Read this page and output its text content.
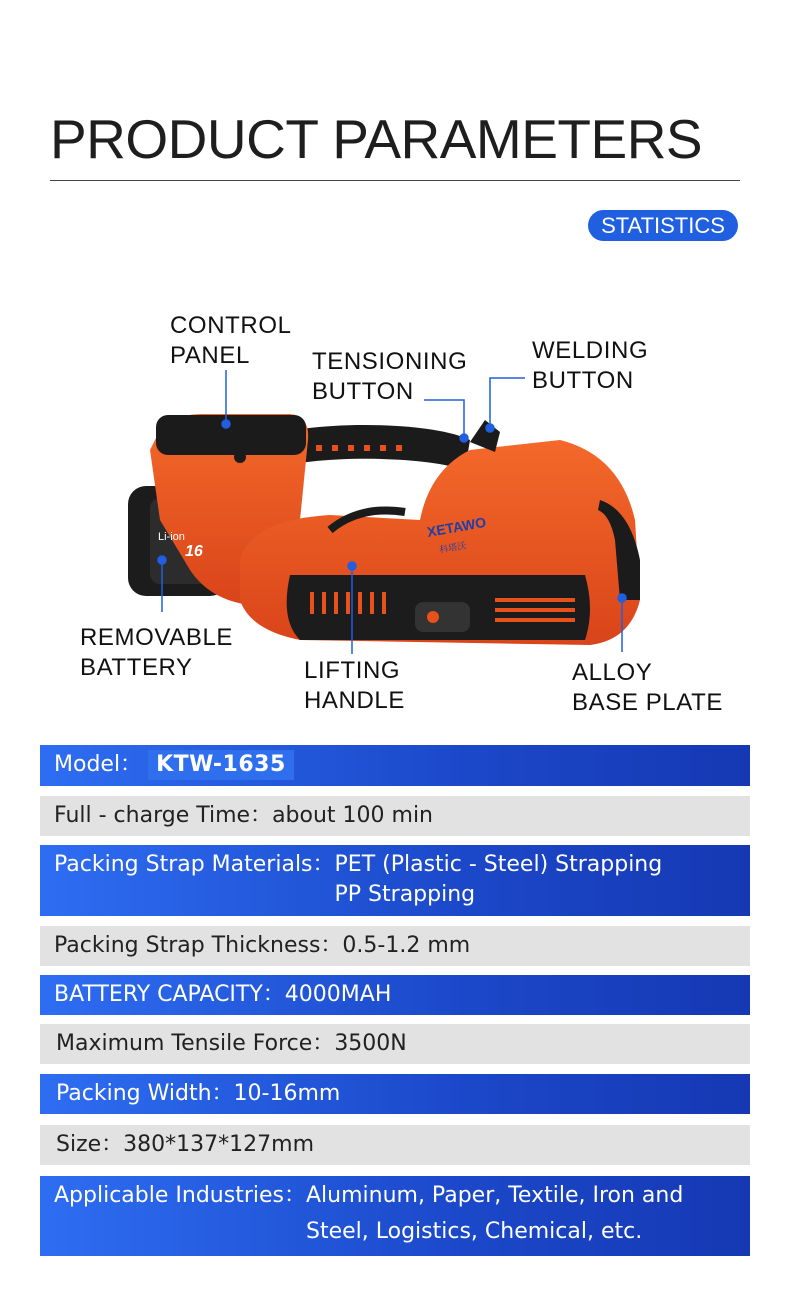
PRODUCT PARAMETERS
STATISTICS
Li-ion
16
XETAWO
科塔沃
CONTROL
PANEL	TENSIONING
BUTTON
WELDING
BUTTON
REMOVABLE
BATTERY	LIFTING
HANDLE
ALLOY
BASE PLATE
Model： KTW-1635
Full - charge Time： about 100 min
Packing Strap Materials： PET (Plastic - Steel) Strapping
PP Strapping
Packing Strap Thickness： 0.5-1.2 mm
BATTERY CAPACITY： 4000MAH
Maximum Tensile Force： 3500N
Packing Width： 10-16mm
Size： 380*137*127mm
Applicable Industries： Aluminum, Paper, Textile, Iron and
Steel, Logistics, Chemical, etc.
